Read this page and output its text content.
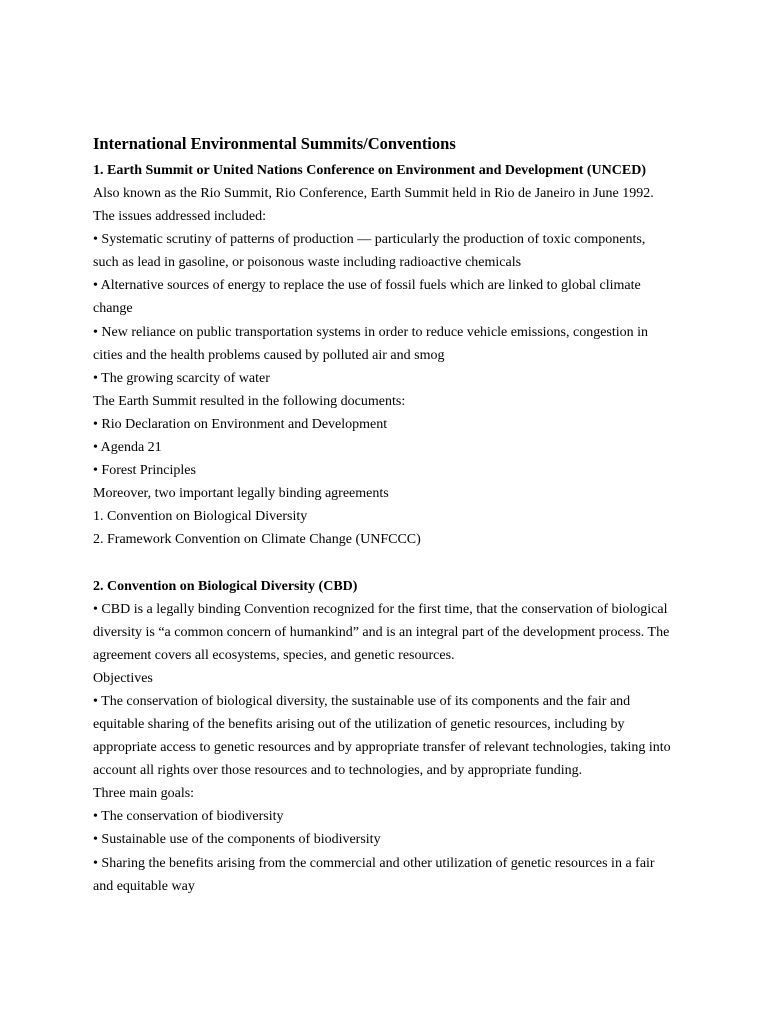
International Environmental Summits/Conventions
1. Earth Summit or United Nations Conference on Environment and Development (UNCED)

Also known as the Rio Summit, Rio Conference, Earth Summit held in Rio de Janeiro in June 1992.

The issues addressed included:

• Systematic scrutiny of patterns of production — particularly the production of toxic components, such as lead in gasoline, or poisonous waste including radioactive chemicals

• Alternative sources of energy to replace the use of fossil fuels which are linked to global climate change

• New reliance on public transportation systems in order to reduce vehicle emissions, congestion in cities and the health problems caused by polluted air and smog

• The growing scarcity of water

The Earth Summit resulted in the following documents:

• Rio Declaration on Environment and Development

• Agenda 21

• Forest Principles

Moreover, two important legally binding agreements

1. Convention on Biological Diversity

2. Framework Convention on Climate Change (UNFCCC)

2. Convention on Biological Diversity (CBD)

• CBD is a legally binding Convention recognized for the first time, that the conservation of biological diversity is “a common concern of humankind” and is an integral part of the development process. The agreement covers all ecosystems, species, and genetic resources.

Objectives

• The conservation of biological diversity, the sustainable use of its components and the fair and equitable sharing of the benefits arising out of the utilization of genetic resources, including by appropriate access to genetic resources and by appropriate transfer of relevant technologies, taking into account all rights over those resources and to technologies, and by appropriate funding.

Three main goals:

• The conservation of biodiversity

• Sustainable use of the components of biodiversity

• Sharing the benefits arising from the commercial and other utilization of genetic resources in a fair and equitable way
